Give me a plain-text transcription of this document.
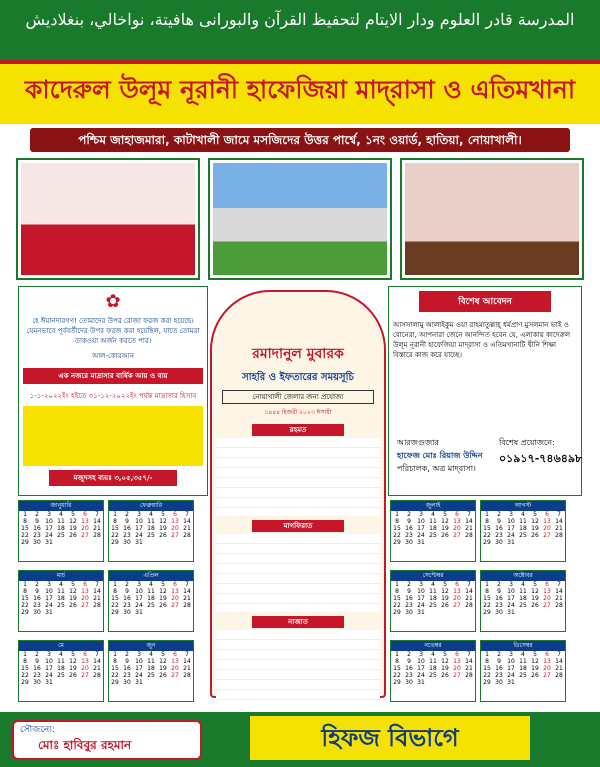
المدرسة قادر العلوم ودار الايتام لتحفيظ القرآن والبورانى هافيتة، نواخالي، بنغلاديش
কাদেরুল উলূম নূরানী হাফেজিয়া মাদ্‌রাসা ও এতিমখানা
পশ্চিম জাহাজমারা, কাটাখালী জামে মসজিদের উত্তর পার্শ্বে, ১নং ওয়ার্ড, হাতিয়া, নোয়াখালী।
✿
হে ঈমানদারগণ! তোমাদের উপর রোজা ফরজ করা হয়েছে। যেমনভাবে পূর্ববর্তীদের উপর ফরজ করা হয়েছিল, যাতে তোমরা তাকওয়া অর্জন করতে পার।
আল-কোরআন
এক নজরে মাদ্রাসার বার্ষিক আয় ও ব্যয়
১-১-২০২২ইং হইতে ৩১-১২-২০২২ইং পর্যন্ত মাদ্রাসার হিসাব
মজুদসহ ব্যয়ঃ ৩,০৫,৩৫৭/-
বিশেষ আবেদন
আসসালামু আলাইকুম ওয়া রাহমাতুল্লাহ্‌ ধর্মপ্রাণ মুসলমান ভাই ও বোনেরা, আপনারা জেনে আনন্দিত হবেন যে, এলাকায় কাদেরুল উলূম নূরানী হাফেজিয়া মাদ্‌রাসা ও এতিমখানাটি দ্বীনি শিক্ষা বিস্তারে কাজ করে যাচ্ছে।
আরজগুজার
হাফেজ মোঃ রিয়াজ উদ্দিন
পরিচালক, অত্র মাদ্‌রাসা।
বিশেষ প্রয়োজনে:
০১৯১৭-৭৪৬৪৯৮
রমাদানুল মুবারক
সাহরি ও ইফতারের সময়সূচি
নোয়াখালী জেলার জন্য প্রযোজ্য
১৪৪৪ হিজরী ২০২৩ ঈসায়ী
রহমত
মাগফিরাত
নাজাত
জানুয়ারি
1	2	3	4	5	6	7
8	9	10 11 12 13 14
15 16 17 18 19 20 21
22 23 24 25 26 27 28
29 30 31
ফেব্রুয়ারি
1	2	3	4	5	6	7
8	9	10 11 12 13 14
15 16 17 18 19 20 21
22 23 24 25 26 27 28
29 30 31
মার্চ
1	2	3	4	5	6	7
8	9	10 11 12 13 14
15 16 17 18 19 20 21
22 23 24 25 26 27 28
29 30 31
এপ্রিল
1	2	3	4	5	6	7
8	9	10 11 12 13 14
15 16 17 18 19 20 21
22 23 24 25 26 27 28
29 30 31
মে
1	2	3	4	5	6	7
8	9	10 11 12 13 14
15 16 17 18 19 20 21
22 23 24 25 26 27 28
29 30 31
জুন
1	2	3	4	5	6	7
8	9	10 11 12 13 14
15 16 17 18 19 20 21
22 23 24 25 26 27 28
29 30 31
জুলাই
1	2	3	4	5	6	7
8	9	10 11 12 13 14
15 16 17 18 19 20 21
22 23 24 25 26 27 28
29 30 31
আগস্ট
1	2	3	4	5	6	7
8	9	10 11 12 13 14
15 16 17 18 19 20 21
22 23 24 25 26 27 28
29 30 31
সেপ্টেম্বর
1	2	3	4	5	6	7
8	9	10 11 12 13 14
15 16 17 18 19 20 21
22 23 24 25 26 27 28
29 30 31
অক্টোবর
1	2	3	4	5	6	7
8	9	10 11 12 13 14
15 16 17 18 19 20 21
22 23 24 25 26 27 28
29 30 31
নভেম্বর
1	2	3	4	5	6	7
8	9	10 11 12 13 14
15 16 17 18 19 20 21
22 23 24 25 26 27 28
29 30 31
ডিসেম্বর
1	2	3	4	5	6	7
8	9	10 11 12 13 14
15 16 17 18 19 20 21
22 23 24 25 26 27 28
29 30 31
সৌজন্যে:
মোঃ হাবিবুর রহমান	হিফজ বিভাগে
